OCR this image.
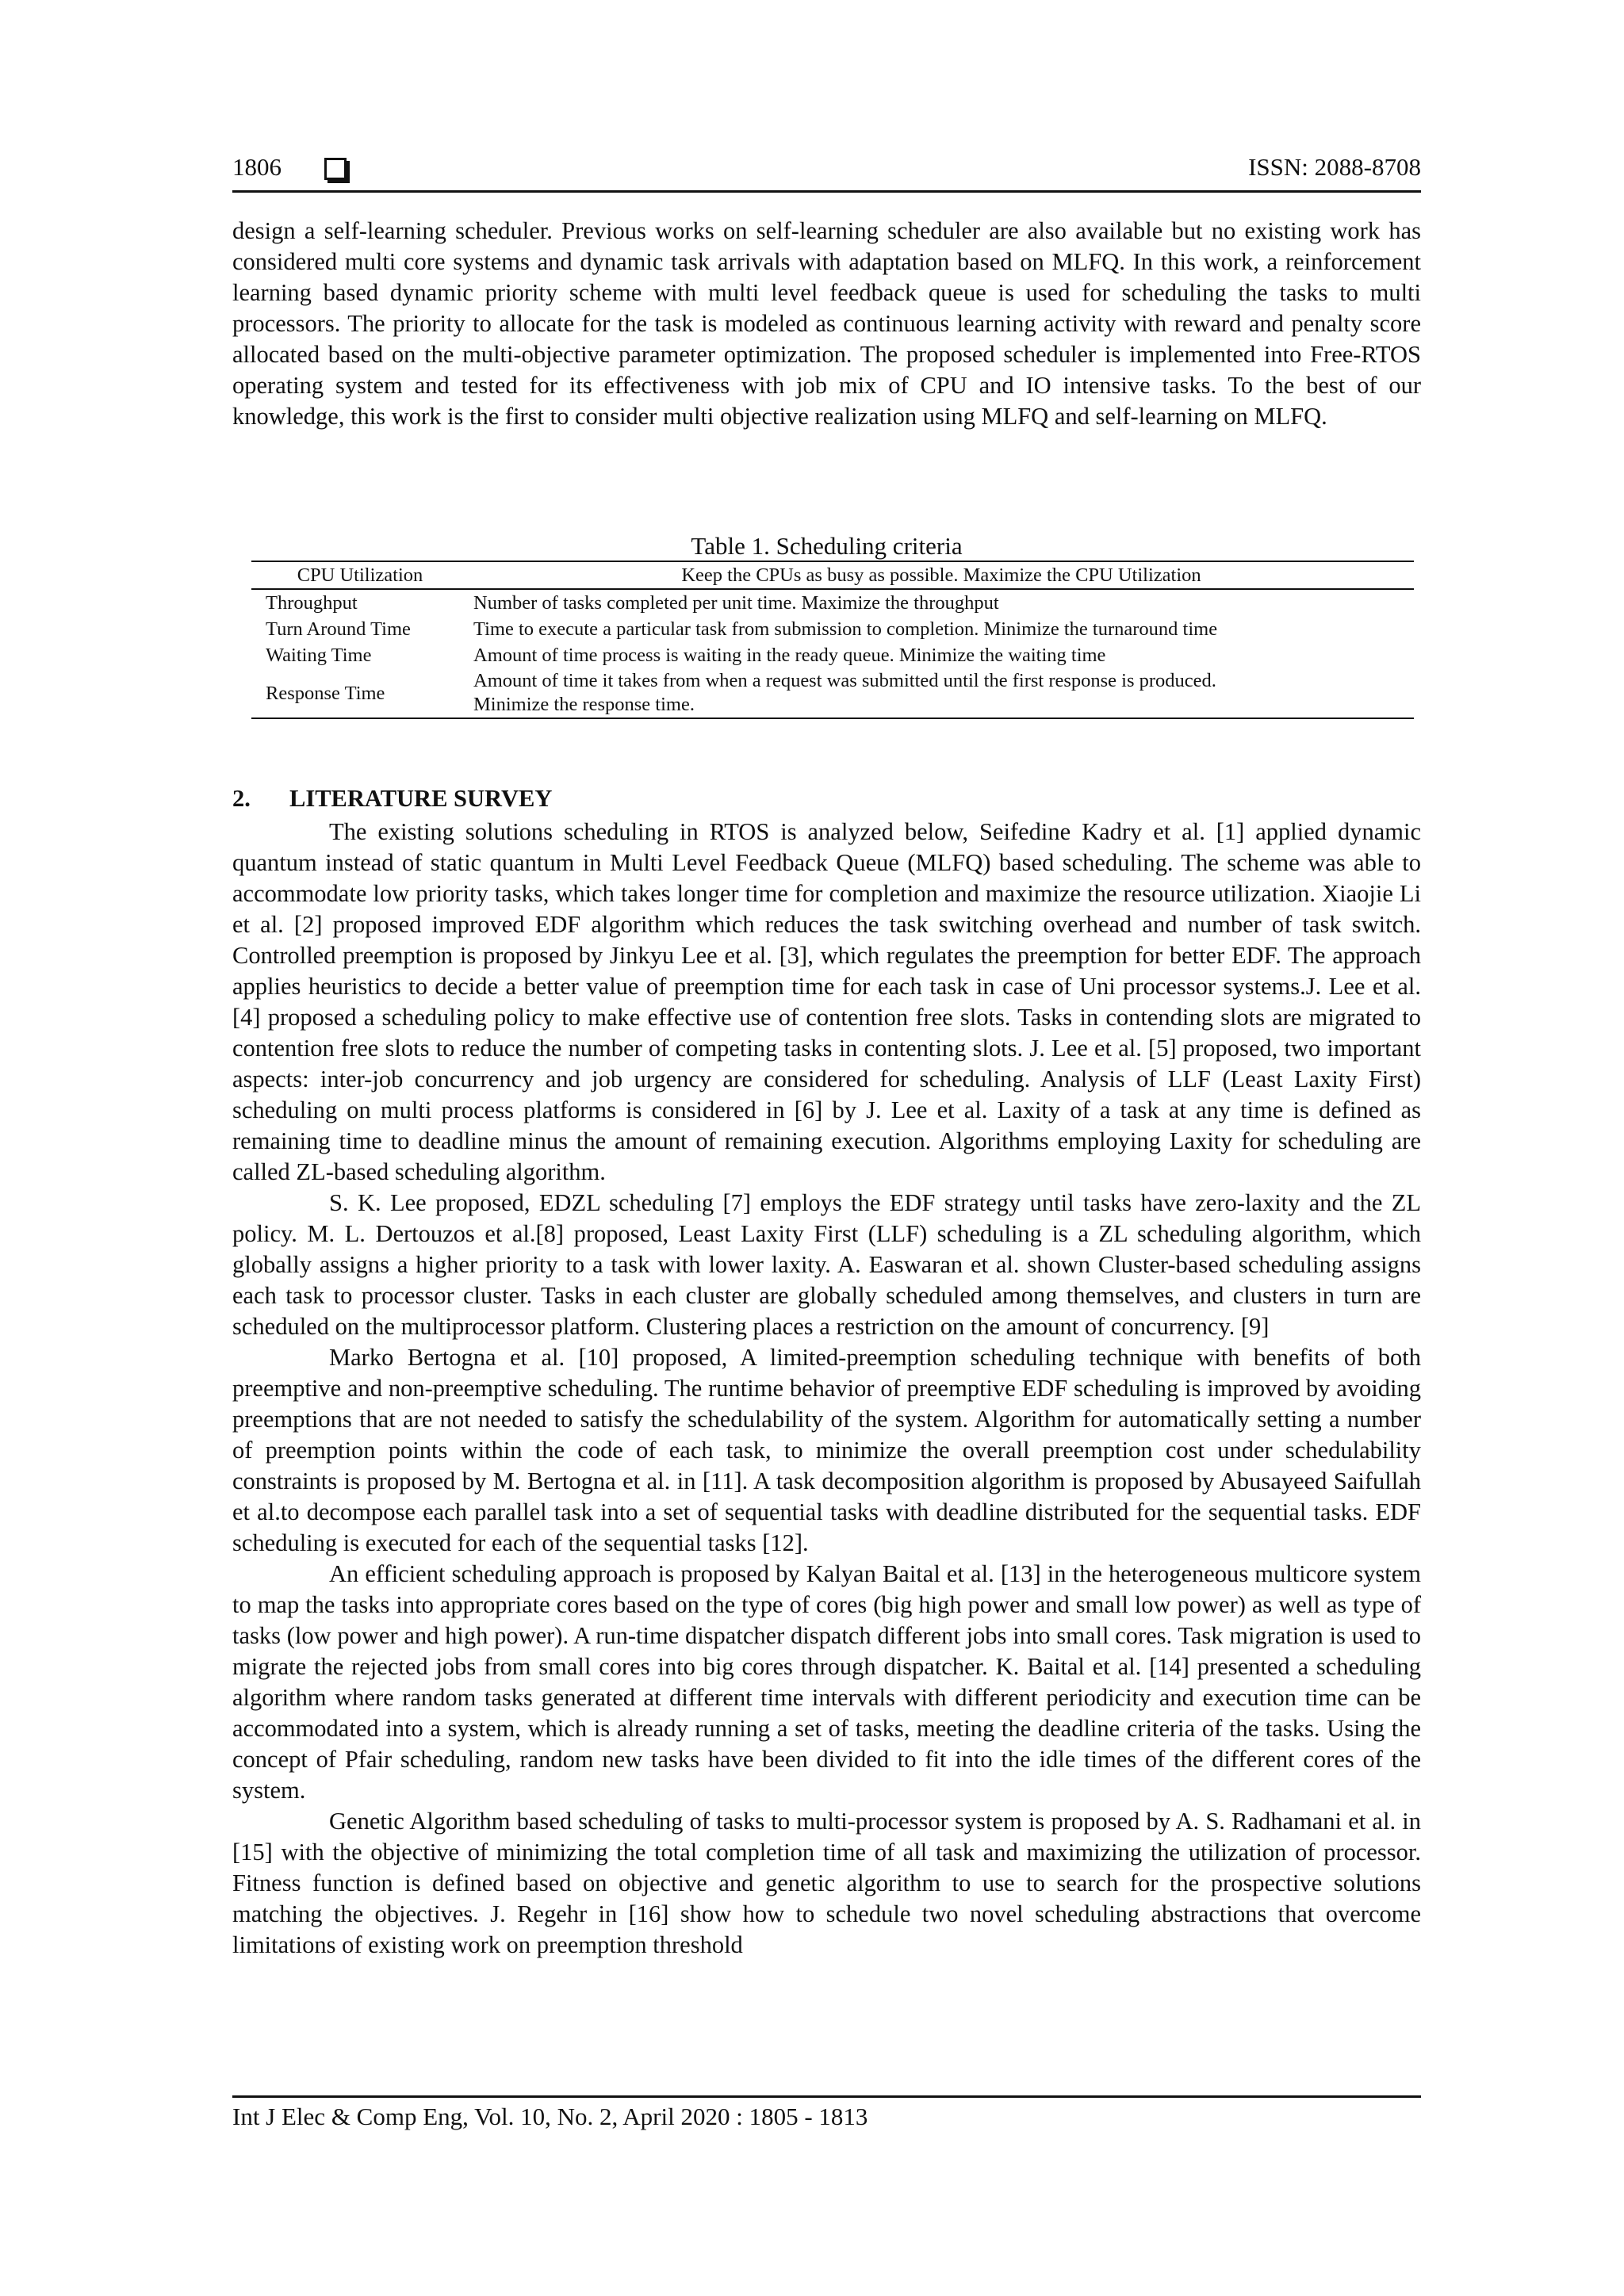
1806	ISSN: 2088-8708
design a self-learning scheduler. Previous works on self-learning scheduler are also available but no existing work has considered multi core systems and dynamic task arrivals with adaptation based on MLFQ. In this work, a reinforcement learning based dynamic priority scheme with multi level feedback queue is used for scheduling the tasks to multi processors. The priority to allocate for the task is modeled as continuous learning activity with reward and penalty score allocated based on the multi-objective parameter optimization. The proposed scheduler is implemented into Free-RTOS operating system and tested for its effectiveness with job mix of CPU and IO intensive tasks. To the best of our knowledge, this work is the first to consider multi objective realization using MLFQ and self-learning on MLFQ.
Table 1. Scheduling criteria
CPU Utilization	Keep the CPUs as busy as possible. Maximize the CPU Utilization
Throughput	Number of tasks completed per unit time. Maximize the throughput
Turn Around Time	Time to execute a particular task from submission to completion. Minimize the turnaround time
Waiting Time	Amount of time process is waiting in the ready queue. Minimize the waiting time
Response Time	Amount of time it takes from when a request was submitted until the first response is produced.
Minimize the response time.
2. LITERATURE SURVEY

The existing solutions scheduling in RTOS is analyzed below, Seifedine Kadry et al. [1] applied dynamic quantum instead of static quantum in Multi Level Feedback Queue (MLFQ) based scheduling. The scheme was able to accommodate low priority tasks, which takes longer time for completion and maximize the resource utilization. Xiaojie Li et al. [2] proposed improved EDF algorithm which reduces the task switching overhead and number of task switch. Controlled preemption is proposed by Jinkyu Lee et al. [3], which regulates the preemption for better EDF. The approach applies heuristics to decide a better value of preemption time for each task in case of Uni processor systems.J. Lee et al. [4] proposed a scheduling policy to make effective use of contention free slots. Tasks in contending slots are migrated to contention free slots to reduce the number of competing tasks in contenting slots. J. Lee et al. [5] proposed, two important aspects: inter-job concurrency and job urgency are considered for scheduling. Analysis of LLF (Least Laxity First) scheduling on multi process platforms is considered in [6] by J. Lee et al. Laxity of a task at any time is defined as remaining time to deadline minus the amount of remaining execution. Algorithms employing Laxity for scheduling are called ZL-based scheduling algorithm.

S. K. Lee proposed, EDZL scheduling [7] employs the EDF strategy until tasks have zero-laxity and the ZL policy. M. L. Dertouzos et al.[8] proposed, Least Laxity First (LLF) scheduling is a ZL scheduling algorithm, which globally assigns a higher priority to a task with lower laxity. A. Easwaran et al. shown Cluster-based scheduling assigns each task to processor cluster. Tasks in each cluster are globally scheduled among themselves, and clusters in turn are scheduled on the multiprocessor platform. Clustering places a restriction on the amount of concurrency. [9]

Marko Bertogna et al. [10] proposed, A limited-preemption scheduling technique with benefits of both preemptive and non-preemptive scheduling. The runtime behavior of preemptive EDF scheduling is improved by avoiding preemptions that are not needed to satisfy the schedulability of the system. Algorithm for automatically setting a number of preemption points within the code of each task, to minimize the overall preemption cost under schedulability constraints is proposed by M. Bertogna et al. in [11]. A task decomposition algorithm is proposed by Abusayeed Saifullah et al.to decompose each parallel task into a set of sequential tasks with deadline distributed for the sequential tasks. EDF scheduling is executed for each of the sequential tasks [12].

An efficient scheduling approach is proposed by Kalyan Baital et al. [13] in the heterogeneous multicore system to map the tasks into appropriate cores based on the type of cores (big high power and small low power) as well as type of tasks (low power and high power). A run-time dispatcher dispatch different jobs into small cores. Task migration is used to migrate the rejected jobs from small cores into big cores through dispatcher. K. Baital et al. [14] presented a scheduling algorithm where random tasks generated at different time intervals with different periodicity and execution time can be accommodated into a system, which is already running a set of tasks, meeting the deadline criteria of the tasks. Using the concept of Pfair scheduling, random new tasks have been divided to fit into the idle times of the different cores of the system.

Genetic Algorithm based scheduling of tasks to multi-processor system is proposed by A. S. Radhamani et al. in [15] with the objective of minimizing the total completion time of all task and maximizing the utilization of processor. Fitness function is defined based on objective and genetic algorithm to use to search for the prospective solutions matching the objectives. J. Regehr in [16] show how to schedule two novel scheduling abstractions that overcome limitations of existing work on preemption threshold

Int J Elec & Comp Eng, Vol. 10, No. 2, April 2020 : 1805 - 1813
